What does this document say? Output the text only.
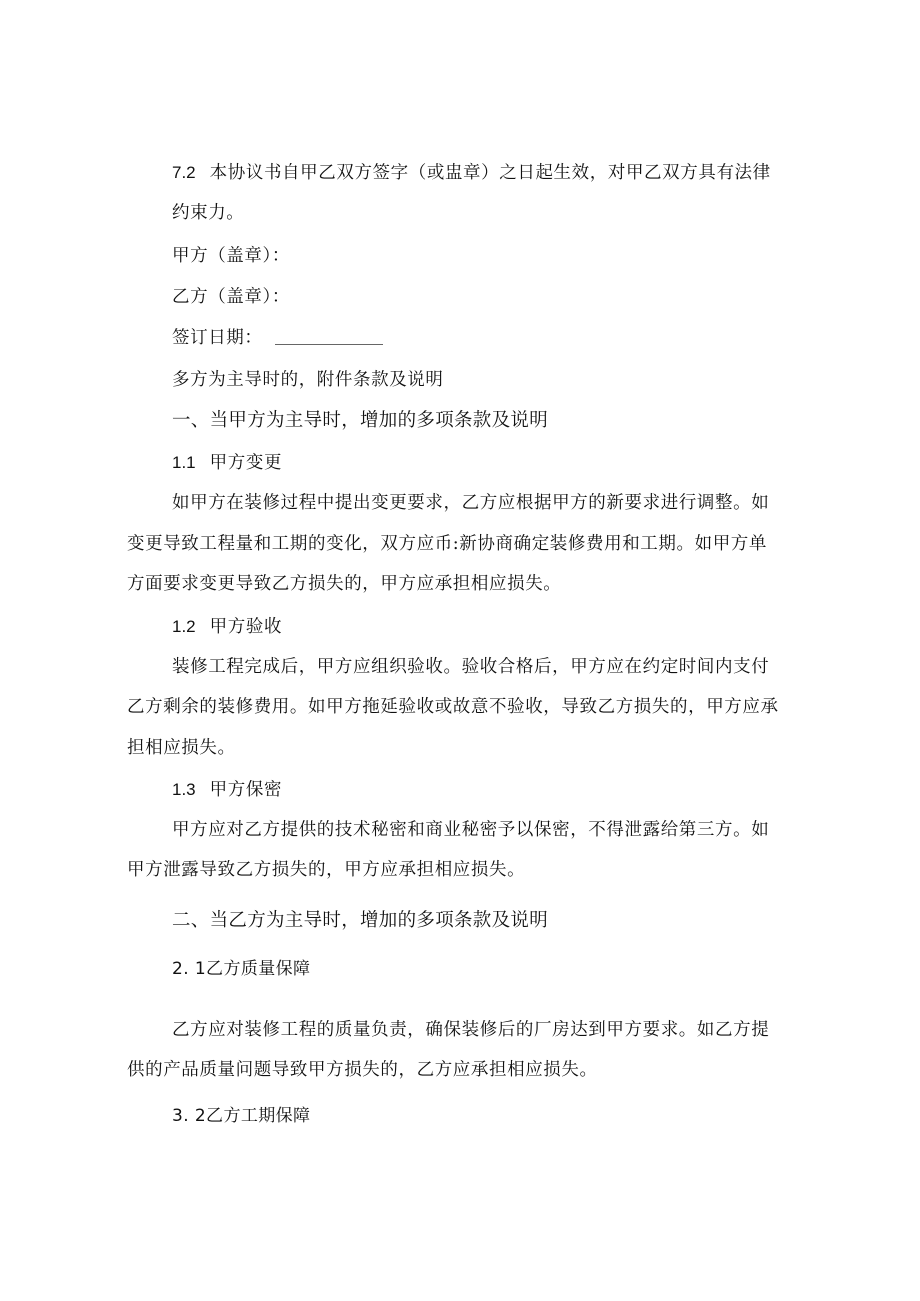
7.2 本协议书自甲乙双方签字（或盅章）之日起生效，对甲乙双方具有法律
约束力。
甲方（盖章）：
乙方（盖章）：
签订日期：
多方为主导时的，附件条款及说明
一、当甲方为主导时，增加的多项条款及说明
1.1 甲方变更
如甲方在装修过程中提出变更要求，乙方应根据甲方的新要求进行调整。如
变更导致工程量和工期的变化，双方应币:新协商确定装修费用和工期。如甲方单
方面要求变更导致乙方损失的，甲方应承担相应损失。
1.2 甲方验收
装修工程完成后，甲方应组织验收。验收合格后，甲方应在约定时间内支付
乙方剩余的装修费用。如甲方拖延验收或故意不验收，导致乙方损失的，甲方应承
担相应损失。
1.3 甲方保密
甲方应对乙方提供的技术秘密和商业秘密予以保密，不得泄露给第三方。如
甲方泄露导致乙方损失的，甲方应承担相应损失。
二、当乙方为主导时，增加的多项条款及说明
2. 1乙方质量保障
乙方应对装修工程的质量负责，确保装修后的厂房达到甲方要求。如乙方提
供的产品质量问题导致甲方损失的，乙方应承担相应损失。
3. 2乙方工期保障
